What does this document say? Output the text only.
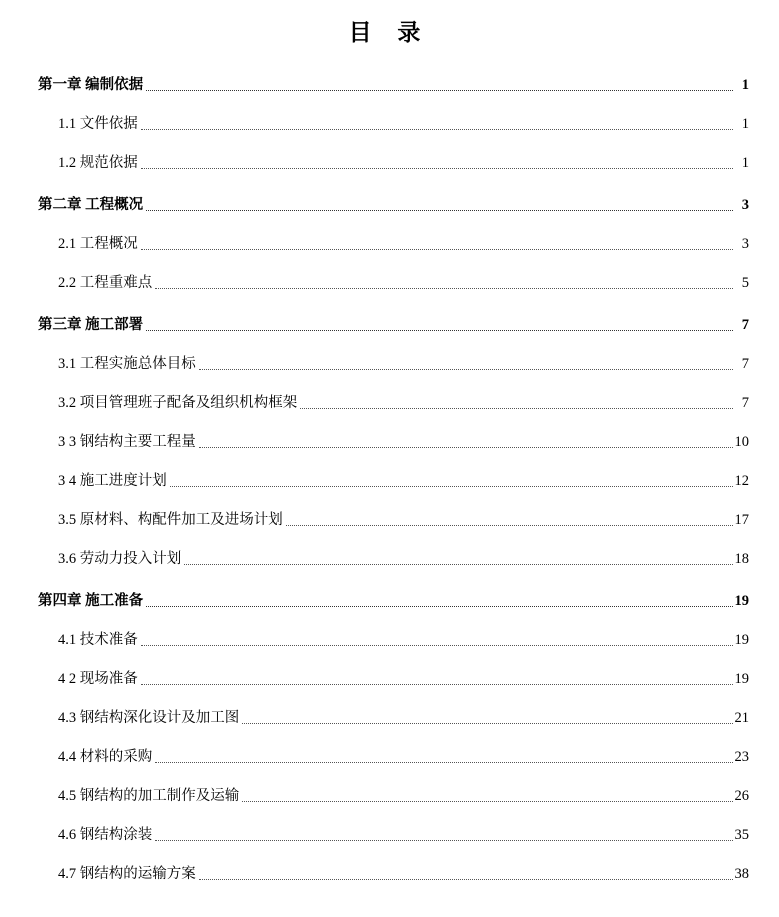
目 录
第一章 编制依据	1
1.1 文件依据	1
1.2 规范依据	1
第二章 工程概况	3
2.1 工程概况	3
2.2 工程重难点	5
第三章 施工部署	7
3.1 工程实施总体目标	7
3.2 项目管理班子配备及组织机构框架	7
3 3 钢结构主要工程量	10
3 4 施工进度计划	12
3.5 原材料、构配件加工及进场计划	17
3.6 劳动力投入计划	18
第四章 施工准备	19
4.1 技术准备	19
4 2 现场准备	19
4.3 钢结构深化设计及加工图	21
4.4 材料的采购	23
4.5 钢结构的加工制作及运输	26
4.6 钢结构涂装	35
4.7 钢结构的运输方案	38
